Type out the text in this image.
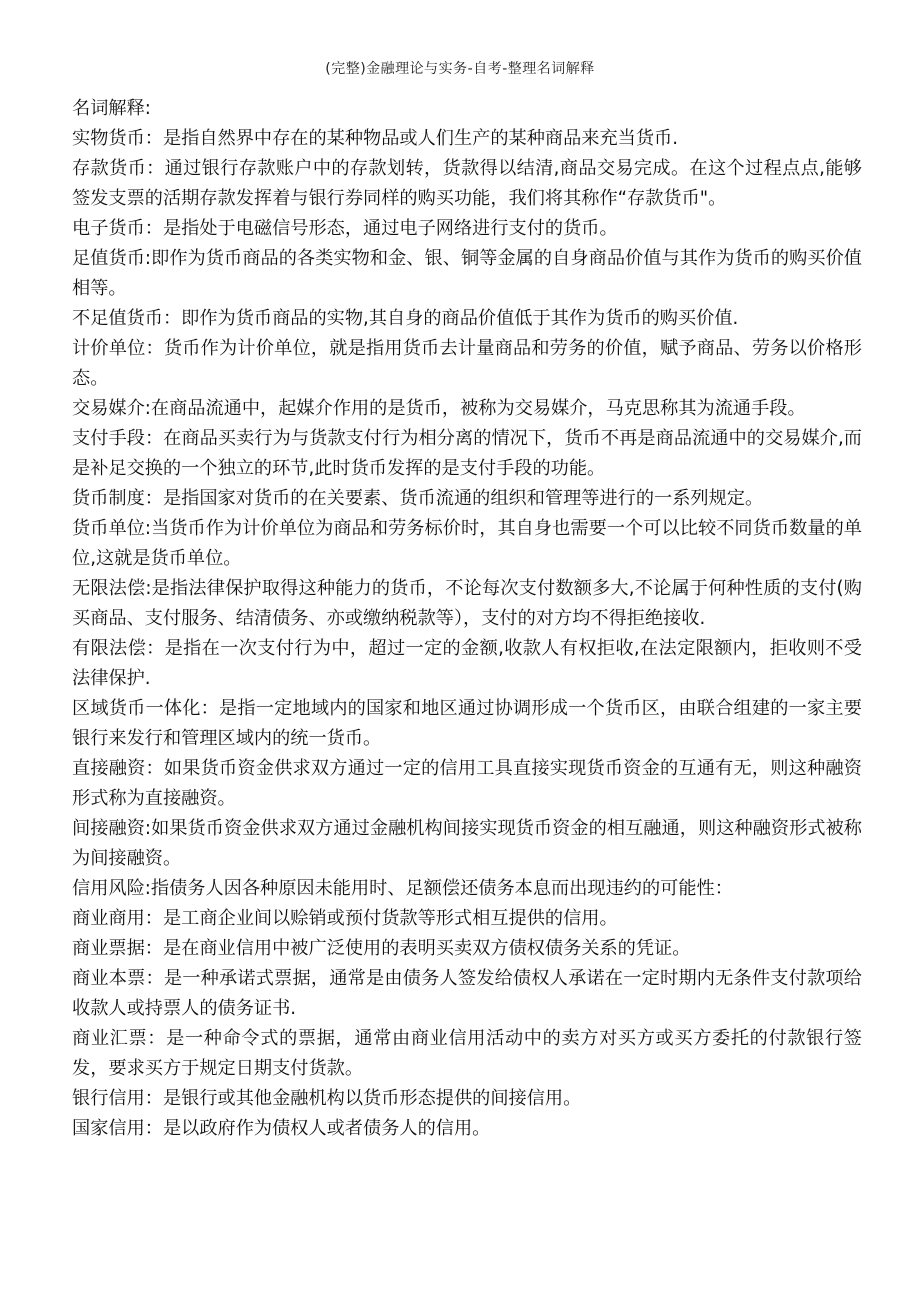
(完整)金融理论与实务-自考-整理名词解释

名词解释:

实物货币：是指自然界中存在的某种物品或人们生产的某种商品来充当货币.

存款货币：通过银行存款账户中的存款划转，货款得以结清,商品交易完成。在这个过程点点,能够签发支票的活期存款发挥着与银行券同样的购买功能，我们将其称作“存款货币"。

电子货币：是指处于电磁信号形态，通过电子网络进行支付的货币。

足值货币:即作为货币商品的各类实物和金、银、铜等金属的自身商品价值与其作为货币的购买价值相等。

不足值货币：即作为货币商品的实物,其自身的商品价值低于其作为货币的购买价值.

计价单位：货币作为计价单位，就是指用货币去计量商品和劳务的价值，赋予商品、劳务以价格形态。

交易媒介:在商品流通中，起媒介作用的是货币，被称为交易媒介，马克思称其为流通手段。

支付手段：在商品买卖行为与货款支付行为相分离的情况下，货币不再是商品流通中的交易媒介,而是补足交换的一个独立的环节,此时货币发挥的是支付手段的功能。

货币制度：是指国家对货币的在关要素、货币流通的组织和管理等进行的一系列规定。

货币单位:当货币作为计价单位为商品和劳务标价时，其自身也需要一个可以比较不同货币数量的单位,这就是货币单位。

无限法偿:是指法律保护取得这种能力的货币，不论每次支付数额多大,不论属于何种性质的支付(购买商品、支付服务、结清债务、亦或缴纳税款等），支付的对方均不得拒绝接收.

有限法偿：是指在一次支付行为中，超过一定的金额,收款人有权拒收,在法定限额内，拒收则不受法律保护.

区域货币一体化：是指一定地域内的国家和地区通过协调形成一个货币区，由联合组建的一家主要银行来发行和管理区域内的统一货币。

直接融资：如果货币资金供求双方通过一定的信用工具直接实现货币资金的互通有无，则这种融资形式称为直接融资。

间接融资:如果货币资金供求双方通过金融机构间接实现货币资金的相互融通，则这种融资形式被称为间接融资。

信用风险:指债务人因各种原因未能用时、足额偿还债务本息而出现违约的可能性：

商业商用：是工商企业间以赊销或预付货款等形式相互提供的信用。

商业票据：是在商业信用中被广泛使用的表明买卖双方债权债务关系的凭证。

商业本票：是一种承诺式票据，通常是由债务人签发给债权人承诺在一定时期内无条件支付款项给收款人或持票人的债务证书.

商业汇票：是一种命令式的票据，通常由商业信用活动中的卖方对买方或买方委托的付款银行签发，要求买方于规定日期支付货款。

银行信用：是银行或其他金融机构以货币形态提供的间接信用。

国家信用：是以政府作为债权人或者债务人的信用。
